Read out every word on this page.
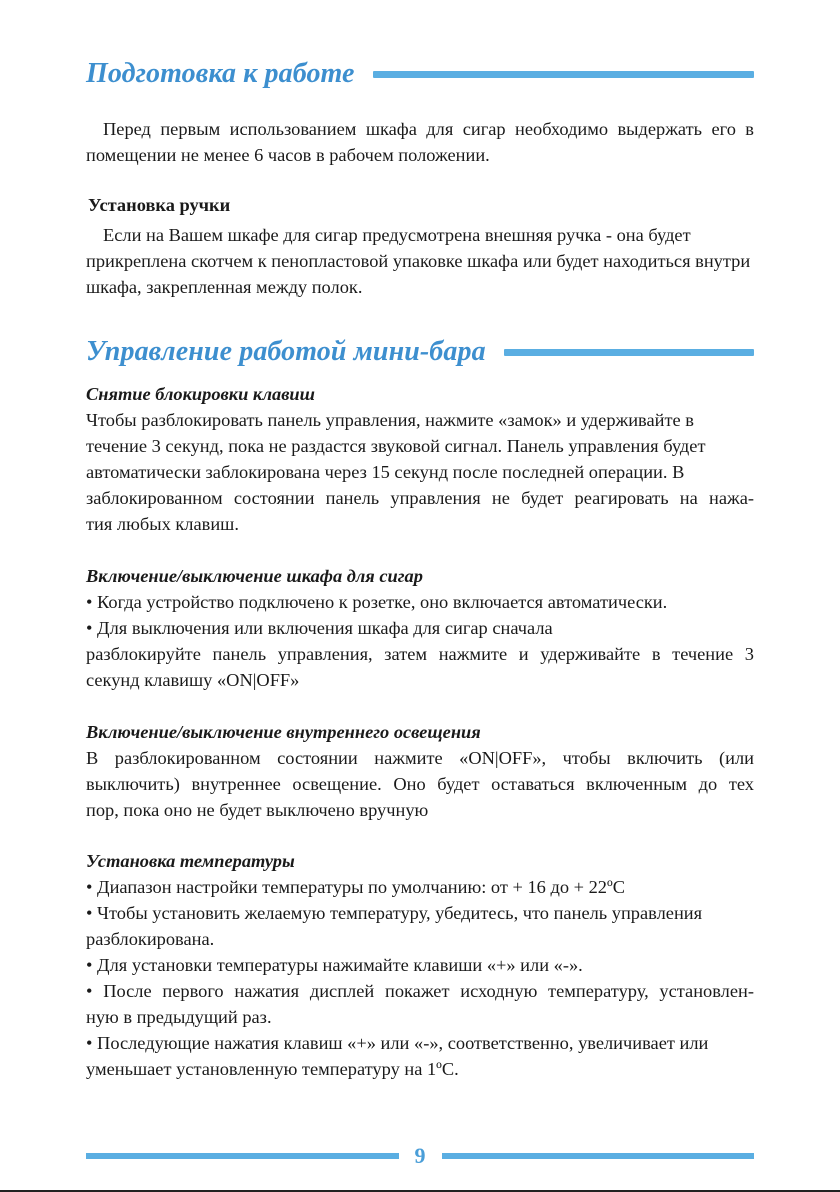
Подготовка к работе
Перед первым использованием шкафа для сигар необходимо выдержать его в помещении не менее 6 часов в рабочем положении.
Установка ручки
Если на Вашем шкафе для сигар предусмотрена внешняя ручка - она будет прикреплена скотчем к пенопластовой упаковке шкафа или будет находиться внутри шкафа, закрепленная между полок.
Управление работой мини-бара

Снятие блокировки клавиш

Чтобы разблокировать панель управления, нажмите «замок» и удерживайте в

течение 3 секунд, пока не раздастся звуковой сигнал. Панель управления будет

автоматически заблокирована через 15 секунд после последней операции. В

заблокированном состоянии панель управления не будет реагировать на нажа-

тия любых клавиш.

Включение/выключение шкафа для сигар

• Когда устройство подключено к розетке, оно включается автоматически.

• Для выключения или включения шкафа для сигар сначала

разблокируйте панель управления, затем нажмите и удерживайте в течение 3

секунд клавишу «ON|OFF»

Включение/выключение внутреннего освещения

В разблокированном состоянии нажмите «ON|OFF», чтобы включить (или

выключить) внутреннее освещение. Оно будет оставаться включенным до тех

пор, пока оно не будет выключено вручную

Установка температуры

• Диапазон настройки температуры по умолчанию: от + 16 до + 22ºС

• Чтобы установить желаемую температуру, убедитесь, что панель управления

разблокирована.

• Для установки температуры нажимайте клавиши «+» или «-».

• После первого нажатия дисплей покажет исходную температуру, установлен-

ную в предыдущий раз.

• Последующие нажатия клавиш «+» или «-», соответственно, увеличивает или

уменьшает установленную температуру на 1ºС.

9
